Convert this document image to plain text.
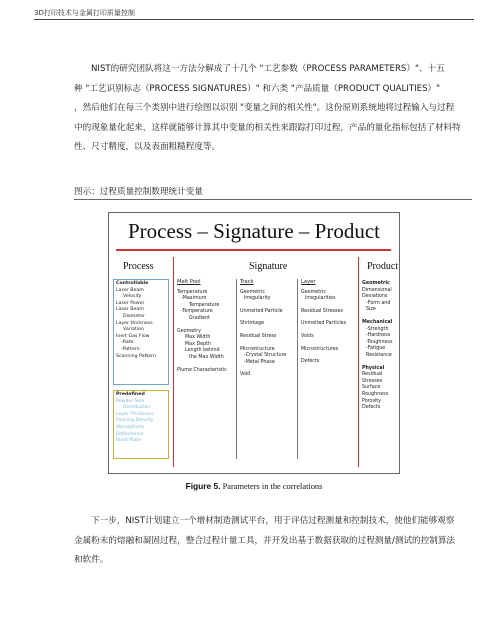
3D打印技术与金属打印质量控制
NIST的研究团队将这一方法分解成了十几个 "工艺参数（PROCESS PARAMETERS）"、十五
种 "工艺识别标志（PROCESS SIGNATURES）" 和六类 "产品质量（PRODUCT QUALITIES）"
，然后他们在每三个类别中进行绘图以识别 "变量之间的相关性"。这份原则系统地将过程输入与过程
中的现象量化起来，这样就能够计算其中变量的相关性来跟踪打印过程，产品的量化指标包括了材料特
性、尺寸精度，以及表面粗糙程度等。
图示：过程质量控制数理统计变量
Process – Signature – Product
Process	Signature	Product
Controllable
Laser Beam
Velocity
Laser Power
Laser Beam
Diameter
Layer thickness
Variation
Inert Gas Flow
-Rate
-Pattern
Scanning Pattern
Predefined
Powder Size
Distribution
Layer Thickness
Packing Density
Absorptivity
Reflectance
Build Plate
Melt Pool
Temperature
-Maximum
Temperature
-Temperature
Gradient
Geometry
Max Width
Max Depth
Length behind
the Max Width
Plume Characteristic
Track
Geometric
Irregularity
Unmelted Particle
Shrinkage
Residual Stress
Microstructure
-Crystal Structure
-Metal Phase
Void
Layer
Geometric
Irregularities
Residual Stresses
Unmelted Particles
Voids
Microstructures
Defects
Geometric
Dimensional Deviations
-Form and Size
Mechanical
-Strength
-Hardness
-Toughness
-Fatigue Resistance
Physical
Residual Stresses
Surface Roughness
Porosity
Defects
Figure 5. Parameters in the correlations
下一步，NIST计划建立一个增材制造测试平台，用于评估过程测量和控制技术，使他们能够观察
金属粉末的熔融和凝固过程，整合过程计量工具，并开发出基于数据获取的过程测量/测试的控制算法
和软件。
